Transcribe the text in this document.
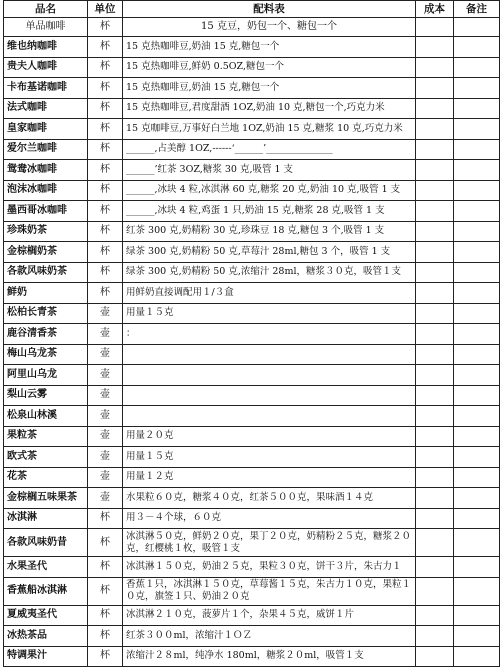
品名	单位	配料表	成本	备注
单品咖啡	杯	15 克豆，奶包一个、糖包一个		
维也纳咖啡	杯	15 克热咖啡豆,奶油 15 克,糖包一个		
贵夫人咖啡	杯	15 克热咖啡豆,鲜奶 0.5OZ,糖包一个		
卡布基诺咖啡	杯	15 克热咖啡豆,奶油 15 克,糖包一个		
法式咖啡	杯	15 克热咖啡豆,君度甜酒 1OZ,奶油 10 克,糖包一个,巧克力米		
皇家咖啡	杯	15 克咖啡豆,万事好白兰地 1OZ,奶油 15 克,糖浆 10 克,巧克力米		
爱尔兰咖啡	杯	______,占美醇 1OZ,------‘______’______________		
鸳鸯冰咖啡	杯	______’红茶 3OZ,糖浆 30 克,吸管 1 支		
泡沫冰咖啡	杯	______,冰块 4 粒,冰淇淋 60 克,糖浆 20 克,奶油 10 克,吸管 1 支		
墨西哥冰咖啡	杯	______,冰块 4 粒,鸡蛋 1 只,奶油 15 克,糖浆 28 克,吸管 1 支		
珍珠奶茶	杯	红茶 300 克,奶精粉 30 克,珍珠豆 18 克,糖包 3 个,吸管 1 支		
金棕榈奶茶	杯	绿茶 300 克,奶精粉 50 克,草莓汁 28ml,糖包 3 个，吸管 1 支		
各款风味奶茶	杯	绿茶 300 克,奶精粉 50 克,浓缩汁 28ml，糖浆３０克，吸管１支		
鲜奶	杯	用鲜奶直接调配用１/３盒		
松柏长青茶	壶	用量１５克		
鹿谷清香茶	壶	：		
梅山乌龙茶	壶			
阿里山乌龙	壶			
梨山云雾	壶			
松泉山林溪	壶			
果粒茶	壶	用量２０克		
欧式茶	壶	用量１５克		
花茶	壶	用量１２克		
金棕榈五味果茶	壶	水果粒６０克，糖浆４０克，红茶５００克，果味酒１４克		
冰淇淋	杯	用３－４个球，６０克		
各款风味奶昔	杯	冰淇淋５０克，鲜奶２０克，果丁２０克，奶精粉２５克，糖浆２０克，红樱桃１枚，吸管１支		
水果圣代	杯	冰淇淋１５０克，奶油２５克，果粒３０克，饼干３片，朱古力１		
香蕉船冰淇淋	杯	香蕉１只，冰淇淋１５０克，草莓酱１５克，朱古力１０克，果粒１０克，旗签１只、奶油２０克		
夏威夷圣代	杯	冰淇淋２１０克，菠萝片１个，杂果４５克，威饼１片		
冰热茶品	杯	红茶３００ml，浓缩汁１ＯＺ		
特调果汁	杯	浓缩汁２８ml，纯净水 180ml，糖浆２０ml，吸管１支		
